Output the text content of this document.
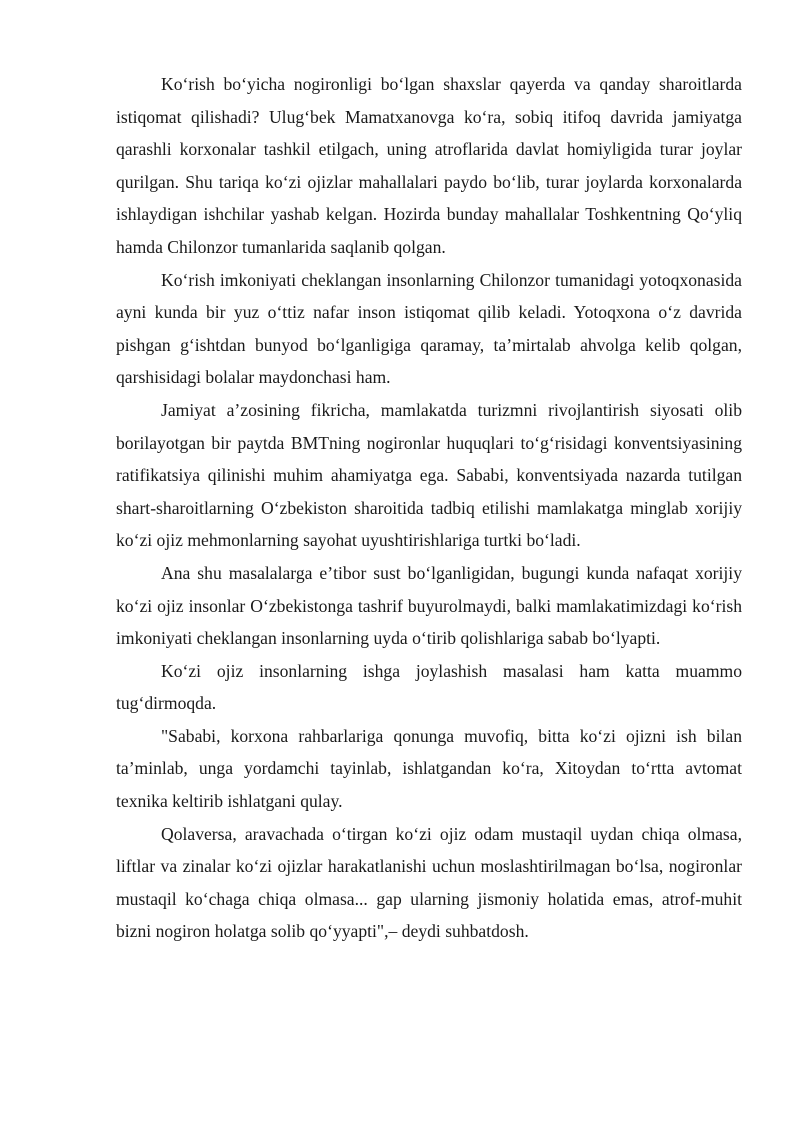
Koʻrish boʻyicha nogironligi boʻlgan shaxslar qayerda va qanday sharoitlarda istiqomat qilishadi? Ulugʻbek Mamatxanovga koʻra, sobiq itifoq davrida jamiyatga qarashli korxonalar tashkil etilgach, uning atroflarida davlat homiyligida turar joylar qurilgan. Shu tariqa koʻzi ojizlar mahallalari paydo boʻlib, turar joylarda korxonalarda ishlaydigan ishchilar yashab kelgan. Hozirda bunday mahallalar Toshkentning Qoʻyliq hamda Chilonzor tumanlarida saqlanib qolgan.

Koʻrish imkoniyati cheklangan insonlarning Chilonzor tumanidagi yotoqxonasida ayni kunda bir yuz oʻttiz nafar inson istiqomat qilib keladi. Yotoqxona oʻz davrida pishgan gʻishtdan bunyod boʻlganligiga qaramay, taʼmirtalab ahvolga kelib qolgan, qarshisidagi bolalar maydonchasi ham.

Jamiyat aʼzosining fikricha, mamlakatda turizmni rivojlantirish siyosati olib borilayotgan bir paytda BMTning nogironlar huquqlari toʻgʻrisidagi konventsiyasining ratifikatsiya qilinishi muhim ahamiyatga ega. Sababi, konventsiyada nazarda tutilgan shart-sharoitlarning Oʻzbekiston sharoitida tadbiq etilishi mamlakatga minglab xorijiy koʻzi ojiz mehmonlarning sayohat uyushtirishlariga turtki boʻladi.

Ana shu masalalarga eʼtibor sust boʻlganligidan, bugungi kunda nafaqat xorijiy koʻzi ojiz insonlar Oʻzbekistonga tashrif buyurolmaydi, balki mamlakatimizdagi koʻrish imkoniyati cheklangan insonlarning uyda oʻtirib qolishlariga sabab boʻlyapti.

Koʻzi ojiz insonlarning ishga joylashish masalasi ham katta muammo tugʻdirmoqda.

"Sababi, korxona rahbarlariga qonunga muvofiq, bitta koʻzi ojizni ish bilan taʼminlab, unga yordamchi tayinlab, ishlatgandan koʻra, Xitoydan toʻrtta avtomat texnika keltirib ishlatgani qulay.

Qolaversa, aravachada oʻtirgan koʻzi ojiz odam mustaqil uydan chiqa olmasa, liftlar va zinalar koʻzi ojizlar harakatlanishi uchun moslashtirilmagan boʻlsa, nogironlar mustaqil koʻchaga chiqa olmasa... gap ularning jismoniy holatida emas, atrof-muhit bizni nogiron holatga solib qoʻyyapti",– deydi suhbatdosh.
